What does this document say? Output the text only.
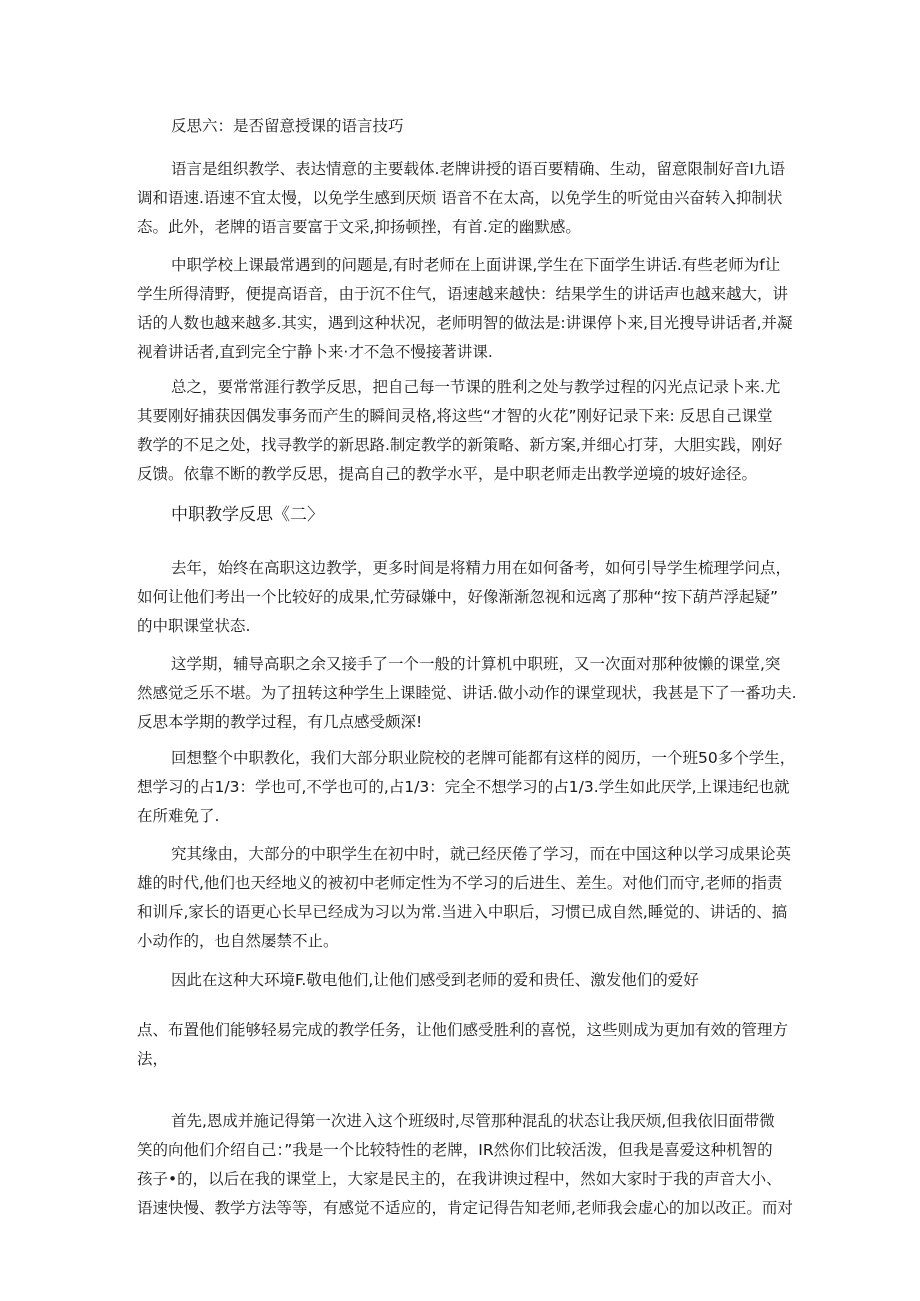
反思六：是否留意授课的语言技巧
语言是组织教学、表达情意的主要载体.老牌讲授的语百要精确、生动，留意限制好音I九语
调和语速.语速不宜太慢，以免学生感到厌烦 语音不在太高，以免学生的听觉由兴奋转入抑制状
态。此外，老牌的语言要富于文采,抑扬顿挫，有首.定的幽默感。
中职学校上课最常遇到的问题是,有时老师在上面讲课,学生在下面学生讲话.有些老师为f让
学生所得清野，便提高语音，由于沉不住气，语速越来越快：结果学生的讲话声也越来越大，讲
话的人数也越来越多.其实，遇到这种状况，老师明智的做法是:讲课停卜来,目光搜导讲话者,并凝
视着讲话者,直到完全宁静卜来·才不急不慢接著讲课.
总之，要常常涯行教学反思，把自己每一节课的胜利之处与教学过程的闪光点记录卜来.尤
其要刚好捕获因偶发事务而产生的瞬间灵格,将这些“才智的火花”刚好记录下来: 反思自己课堂
教学的不足之处，找寻教学的新思路.制定教学的新策略、新方案,并细心打芽，大胆实践，刚好
反馈。依靠不断的教学反思，提高自己的教学水平，是中职老师走出教学逆境的坡好途径。
中职教学反思《二〉
去年，始终在高职这边教学，更多时间是将精力用在如何备考，如何引导学生梳理学问点，
如何让他们考出一个比较好的成果,忙劳碌嫌中，好像渐渐忽视和远离了那种“按下葫芦浮起疑”
的中职课堂状态.
这学期，辅导高职之余又接手了一个一般的计算机中职班，又一次面对那种彼懒的课堂,突
然感觉乏乐不堪。为了扭转这种学生上课睦觉、讲话.做小动作的课堂现状，我甚是下了一番功夫.
反思本学期的教学过程，有几点感受颇深!
回想整个中职教化，我们大部分职业院校的老牌可能都有这样的阅历，一个班50多个学生，
想学习的占1/3：学也可,不学也可的,占1/3：完全不想学习的占1/3.学生如此厌学,上课违纪也就
在所难免了.
究其缘由，大部分的中职学生在初中时，就己经厌倦了学习，而在中国这种以学习成果论英
雄的时代,他们也天经地义的被初中老师定性为不学习的后进生、差生。对他们而守,老师的指责
和训斥,家长的语更心长早已经成为习以为常.当进入中职后，习惯已成自然,睡觉的、讲话的、搞
小动作的，也自然屡禁不止。
因此在这种大环境F.敬电他们,让他们感受到老师的爱和贵任、激发他们的爱好
点、布置他们能够轻易完成的教学任务，让他们感受胜利的喜悦，这些则成为更加有效的管理方
法，
首先,恩成并施记得第一次进入这个班级时,尽管那种混乱的状态让我厌烦,但我依旧面带微
笑的向他们介绍自己：”我是一个比较特性的老牌，IR然你们比较活泼，但我是喜爱这种机智的
孩子•的，以后在我的课堂上，大家是民主的，在我讲谀过程中，然如大家时于我的声音大小、
语速快慢、教学方法等等，有感觉不适应的，肯定记得告知老师,老师我会虚心的加以改正。而对
